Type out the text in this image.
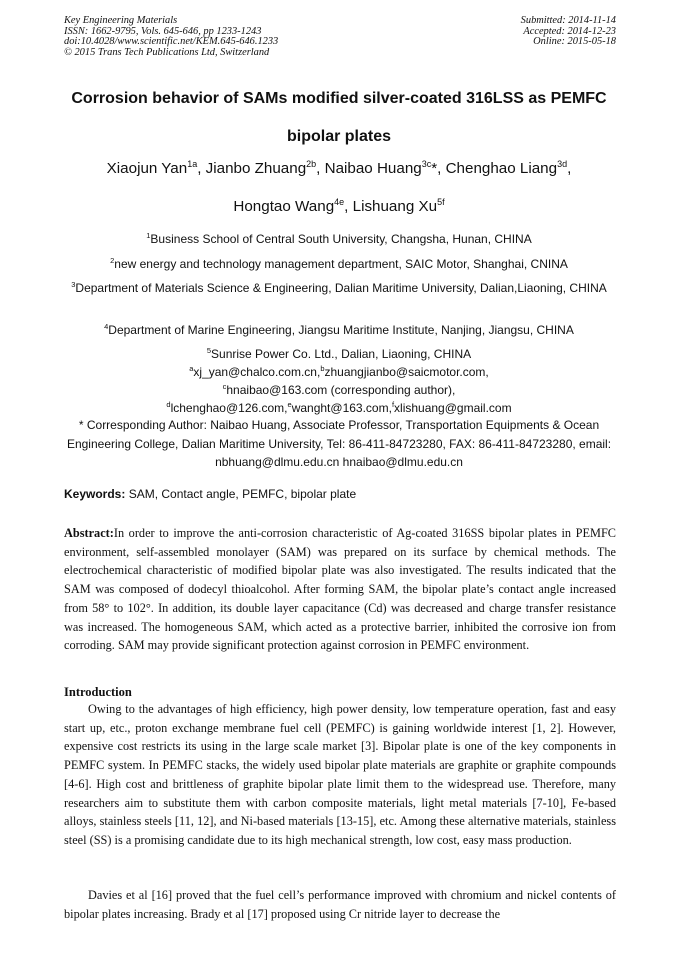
Key Engineering Materials
ISSN: 1662-9795, Vols. 645-646, pp 1233-1243
doi:10.4028/www.scientific.net/KEM.645-646.1233
© 2015 Trans Tech Publications Ltd, Switzerland
Submitted: 2014-11-14
Accepted: 2014-12-23
Online: 2015-05-18
Corrosion behavior of SAMs modified silver-coated 316LSS as PEMFC
bipolar plates
Xiaojun Yan$^{1a}$, Jianbo Zhuang$^{2b}$, Naibao Huang$^{3c}$*, Chenghao Liang$^{3d}$,
Hongtao Wang$^{4e}$, Lishuang $Xu^{5f}$
$^1$Business School of Central South University, Changsha, Hunan, CHINA
$^2$new energy and technology management department, SAIC Motor, Shanghai, CNINA
$^3$Department of Materials Science & Engineering, Dalian Maritime University, Dalian,Liaoning, CHINA
$^4$Department of Marine Engineering, Jiangsu Maritime Institute, Nanjing, Jiangsu, CHINA
$^5$Sunrise Power Co. Ltd., Dalian, Liaoning, CHINA
$^a$xj_yan@chalco.com.cn,$^b$zhuangjianbo@saicmotor.com,
$^c$hnaibao@163.com (corresponding author),
$^d$lchenghao@126.com,$^e$wanght@163.com,$^f$xlishuang@gmail.com
* Corresponding Author: Naibao Huang, Associate Professor, Transportation Equipments & Ocean Engineering College, Dalian Maritime University, Tel: 86-411-84723280, FAX: 86-411-84723280, email: nbhuang@dlmu.edu.cn hnaibao@dlmu.edu.cn
Keywords: SAM, Contact angle, PEMFC, bipolar plate
Abstract:In order to improve the anti-corrosion characteristic of Ag-coated 316SS bipolar plates in PEMFC environment, self-assembled monolayer (SAM) was prepared on its surface by chemical methods. The electrochemical characteristic of modified bipolar plate was also investigated. The results indicated that the SAM was composed of dodecyl thioalcohol. After forming SAM, the bipolar plate’s contact angle increased from 58° to 102°. In addition, its double layer capacitance (Cd) was decreased and charge transfer resistance was increased. The homogeneous SAM, which acted as a protective barrier, inhibited the corrosive ion from corroding. SAM may provide significant protection against corrosion in PEMFC environment.
Introduction
Owing to the advantages of high efficiency, high power density, low temperature operation, fast and easy start up, etc., proton exchange membrane fuel cell (PEMFC) is gaining worldwide interest [1, 2]. However, expensive cost restricts its using in the large scale market [3]. Bipolar plate is one of the key components in PEMFC system. In PEMFC stacks, the widely used bipolar plate materials are graphite or graphite compounds [4-6]. High cost and brittleness of graphite bipolar plate limit them to the widespread use. Therefore, many researchers aim to substitute them with carbon composite materials, light metal materials [7-10], Fe-based alloys, stainless steels [11, 12], and Ni-based materials [13-15], etc. Among these alternative materials, stainless steel (SS) is a promising candidate due to its high mechanical strength, low cost, easy mass production.
Davies et al [16] proved that the fuel cell’s performance improved with chromium and nickel contents of bipolar plates increasing. Brady et al [17] proposed using Cr nitride layer to decrease the
